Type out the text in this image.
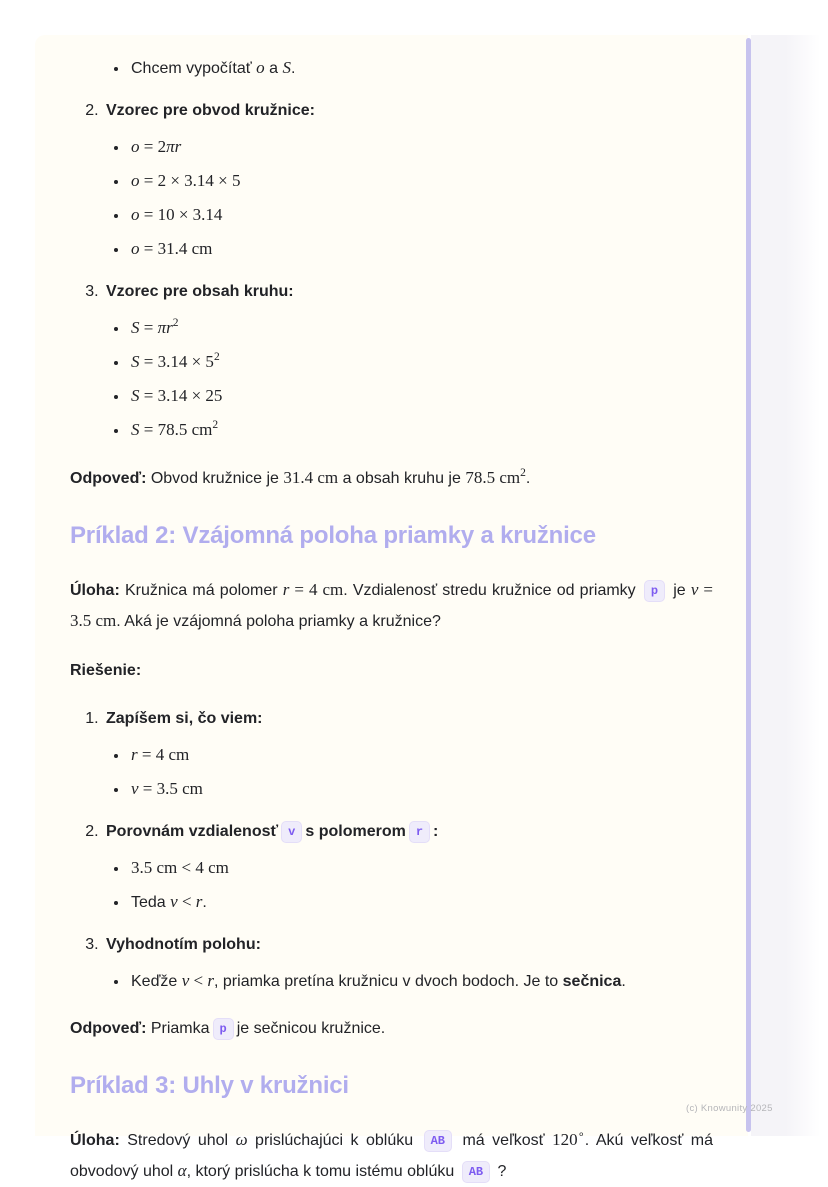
• Chcem vypočítať o a S.
2. Vzorec pre obvod kružnice:
• o = 2πr
• o = 2 × 3.14 × 5
• o = 10 × 3.14
• o = 31.4 cm
3. Vzorec pre obsah kruhu:
• $S = \pi r^2$
• $S = 3.14 \times 5^2$
• S = 3.14 × 25
• S = 78.5 $cm^2$

Odpoveď: Obvod kružnice je 31.4 cm a obsah kruhu je 78.5 $cm^2$.

Príklad 2: Vzájomná poloha priamky a kružnice

Úloha: Kružnica má polomer r = 4 cm. Vzdialenosť stredu kružnice od priamky p je v = 3.5 cm. Aká je vzájomná poloha priamky a kružnice?

Riešenie:

1. Zapíšem si, čo viem:
• r = 4 cm
• v = 3.5 cm
2. Porovnám vzdialenosť v s polomerom r :
• 3.5 cm < 4 cm
• Teda v < r.
3. Vyhodnotím polohu:
• Keďže v < r, priamka pretína kružnicu v dvoch bodoch. Je to sečnica.

Odpoveď: Priamka p je sečnicou kružnice.

Príklad 3: Uhly v kružnici

Úloha: Stredový uhol ω prislúchajúci k oblúku AB má veľkosť 120∘. Akú veľkosť má obvodový uhol α, ktorý prislúcha k tomu istému oblúku AB ?

(c) Knowunity 2025
